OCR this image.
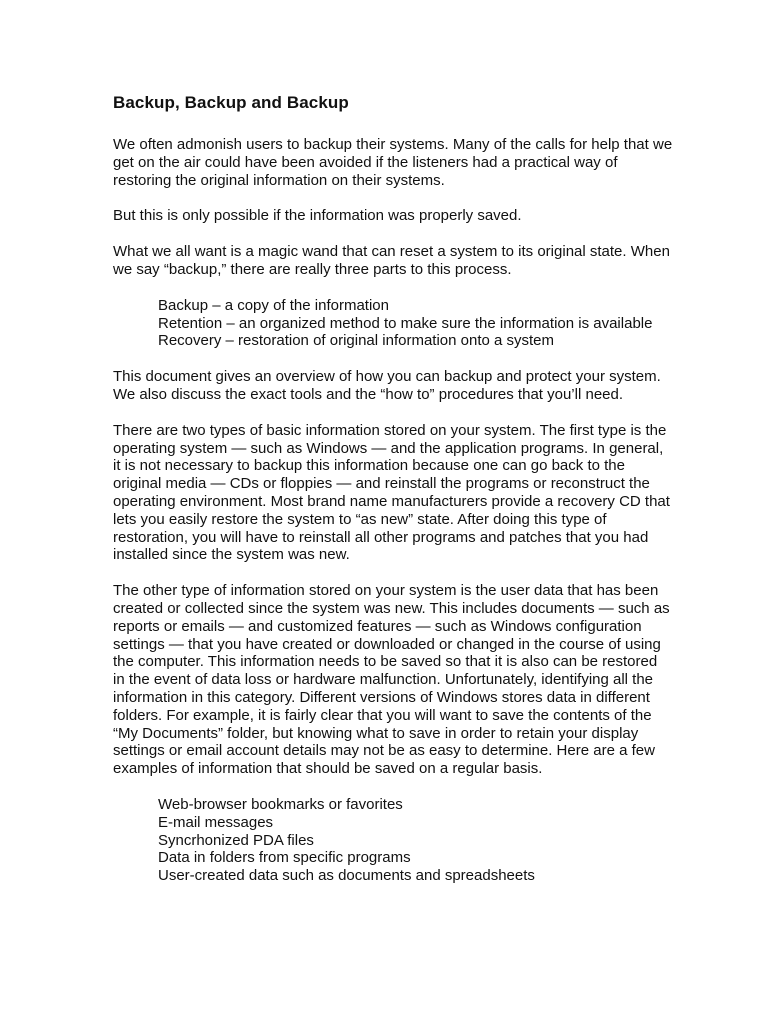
Backup, Backup and Backup

We often admonish users to backup their systems. Many of the calls for help that we get on the air could have been avoided if the listeners had a practical way of restoring the original information on their systems.

But this is only possible if the information was properly saved.

What we all want is a magic wand that can reset a system to its original state. When we say “backup,” there are really three parts to this process.

Backup – a copy of the information
Retention – an organized method to make sure the information is available
Recovery – restoration of original information onto a system

This document gives an overview of how you can backup and protect your system. We also discuss the exact tools and the “how to” procedures that you’ll need.

There are two types of basic information stored on your system. The first type is the operating system — such as Windows — and the application programs. In general, it is not necessary to backup this information because one can go back to the original media — CDs or floppies — and reinstall the programs or reconstruct the operating environment. Most brand name manufacturers provide a recovery CD that lets you easily restore the system to “as new” state. After doing this type of restoration, you will have to reinstall all other programs and patches that you had installed since the system was new.

The other type of information stored on your system is the user data that has been created or collected since the system was new. This includes documents — such as reports or emails — and customized features — such as Windows configuration settings — that you have created or downloaded or changed in the course of using the computer. This information needs to be saved so that it is also can be restored in the event of data loss or hardware malfunction. Unfortunately, identifying all the information in this category. Different versions of Windows stores data in different folders. For example, it is fairly clear that you will want to save the contents of the “My Documents” folder, but knowing what to save in order to retain your display settings or email account details may not be as easy to determine. Here are a few examples of information that should be saved on a regular basis.

Web-browser bookmarks or favorites
E-mail messages
Syncrhonized PDA files
Data in folders from specific programs
User-created data such as documents and spreadsheets
